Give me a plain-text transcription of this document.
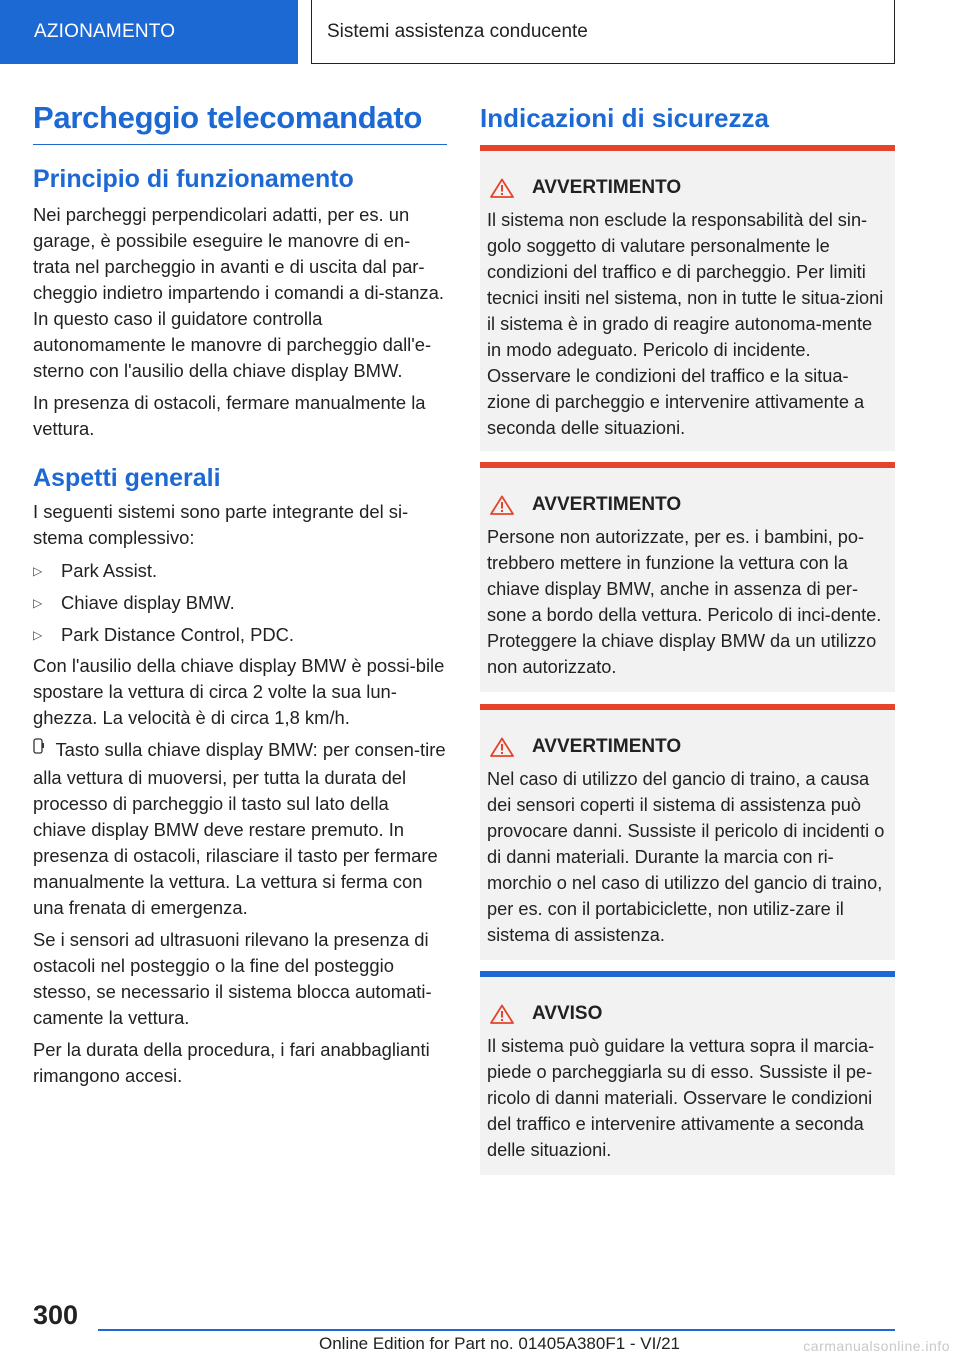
AZIONAMENTO	Sistemi assistenza conducente
Parcheggio telecomandato
Principio di funzionamento

Nei parcheggi perpendicolari adatti, per es. un garage, è possibile eseguire le manovre di en-trata nel parcheggio in avanti e di uscita dal par-cheggio indietro impartendo i comandi a di-stanza. In questo caso il guidatore controlla autonomamente le manovre di parcheggio dall'e-sterno con l'ausilio della chiave display BMW.

In presenza di ostacoli, fermare manualmente la vettura.

Aspetti generali

I seguenti sistemi sono parte integrante del si-stema complessivo:

▷	Park Assist.
▷	Chiave display BMW.
▷	Park Distance Control, PDC.

Con l'ausilio della chiave display BMW è possi-bile spostare la vettura di circa 2 volte la sua lun-ghezza. La velocità è di circa 1,8 km/h.

Tasto sulla chiave display BMW: per consen-tire alla vettura di muoversi, per tutta la durata del processo di parcheggio il tasto sul lato della chiave display BMW deve restare premuto. In presenza di ostacoli, rilasciare il tasto per fermare manualmente la vettura. La vettura si ferma con una frenata di emergenza.

Se i sensori ad ultrasuoni rilevano la presenza di ostacoli nel posteggio o la fine del posteggio stesso, se necessario il sistema blocca automati-camente la vettura.

Per la durata della procedura, i fari anabbaglianti rimangono accesi.

Indicazioni di sicurezza
AVVERTIMENTO
Il sistema non esclude la responsabilità del sin-golo soggetto di valutare personalmente le condizioni del traffico e di parcheggio. Per limiti tecnici insiti nel sistema, non in tutte le situa-zioni il sistema è in grado di reagire autonoma-mente in modo adeguato. Pericolo di incidente. Osservare le condizioni del traffico e la situa-zione di parcheggio e intervenire attivamente a seconda delle situazioni.
AVVERTIMENTO
Persone non autorizzate, per es. i bambini, po-trebbero mettere in funzione la vettura con la chiave display BMW, anche in assenza di per-sone a bordo della vettura. Pericolo di inci-dente. Proteggere la chiave display BMW da un utilizzo non autorizzato.
AVVERTIMENTO
Nel caso di utilizzo del gancio di traino, a causa dei sensori coperti il sistema di assistenza può provocare danni. Sussiste il pericolo di incidenti o di danni materiali. Durante la marcia con ri-morchio o nel caso di utilizzo del gancio di traino, per es. con il portabiciclette, non utiliz-zare il sistema di assistenza.
AVVISO
Il sistema può guidare la vettura sopra il marcia-piede o parcheggiarla su di esso. Sussiste il pe-ricolo di danni materiali. Osservare le condizioni del traffico e intervenire attivamente a seconda delle situazioni.
300
Online Edition for Part no. 01405A380F1 - VI/21	carmanualsonline.info
